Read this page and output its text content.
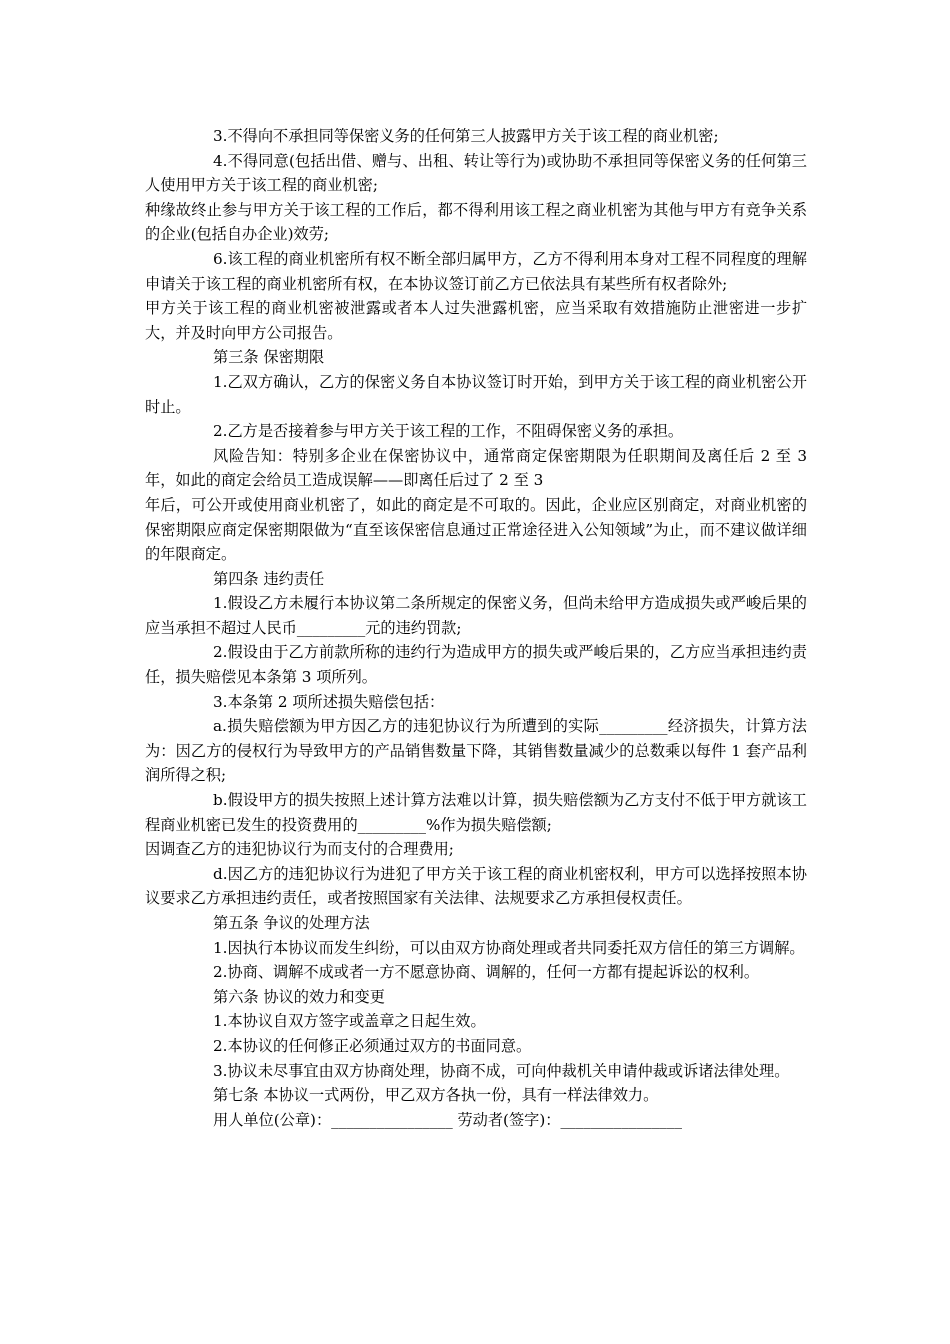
3.不得向不承担同等保密义务的任何第三人披露甲方关于该工程的商业机密;

4.不得同意(包括出借、赠与、出租、转让等行为)或协助不承担同等保密义务的任何第三人使用甲方关于该工程的商业机密;

种缘故终止参与甲方关于该工程的工作后，都不得利用该工程之商业机密为其他与甲方有竞争关系的企业(包括自办企业)效劳;

6.该工程的商业机密所有权不断全部归属甲方，乙方不得利用本身对工程不同程度的理解申请关于该工程的商业机密所有权，在本协议签订前乙方已依法具有某些所有权者除外;

甲方关于该工程的商业机密被泄露或者本人过失泄露机密，应当采取有效措施防止泄密进一步扩大，并及时向甲方公司报告。

第三条 保密期限

1.乙双方确认，乙方的保密义务自本协议签订时开始，到甲方关于该工程的商业机密公开时止。

2.乙方是否接着参与甲方关于该工程的工作，不阻碍保密义务的承担。

风险告知：特别多企业在保密协议中，通常商定保密期限为任职期间及离任后 2 至 3 年，如此的商定会给员工造成误解——即离任后过了 2 至 3

年后，可公开或使用商业机密了，如此的商定是不可取的。因此，企业应区别商定，对商业机密的保密期限应商定保密期限做为“直至该保密信息通过正常途径进入公知领域”为止，而不建议做详细的年限商定。

第四条 违约责任

1.假设乙方未履行本协议第二条所规定的保密义务，但尚未给甲方造成损失或严峻后果的应当承担不超过人民币_________元的违约罚款;

2.假设由于乙方前款所称的违约行为造成甲方的损失或严峻后果的，乙方应当承担违约责任，损失赔偿见本条第 3 项所列。

3.本条第 2 项所述损失赔偿包括：

a.损失赔偿额为甲方因乙方的违犯协议行为所遭到的实际_________经济损失，计算方法为：因乙方的侵权行为导致甲方的产品销售数量下降，其销售数量减少的总数乘以每件 1 套产品利润所得之积;

b.假设甲方的损失按照上述计算方法难以计算，损失赔偿额为乙方支付不低于甲方就该工程商业机密已发生的投资费用的_________%作为损失赔偿额;

因调查乙方的违犯协议行为而支付的合理费用;

d.因乙方的违犯协议行为进犯了甲方关于该工程的商业机密权利，甲方可以选择按照本协议要求乙方承担违约责任，或者按照国家有关法律、法规要求乙方承担侵权责任。

第五条 争议的处理方法

1.因执行本协议而发生纠纷，可以由双方协商处理或者共同委托双方信任的第三方调解。

2.协商、调解不成或者一方不愿意协商、调解的，任何一方都有提起诉讼的权利。

第六条 协议的效力和变更

1.本协议自双方签字或盖章之日起生效。

2.本协议的任何修正必须通过双方的书面同意。

3.协议未尽事宜由双方协商处理，协商不成，可向仲裁机关申请仲裁或诉诸法律处理。

第七条 本协议一式两份，甲乙双方各执一份，具有一样法律效力。

用人单位(公章)：________________ 劳动者(签字)：________________
